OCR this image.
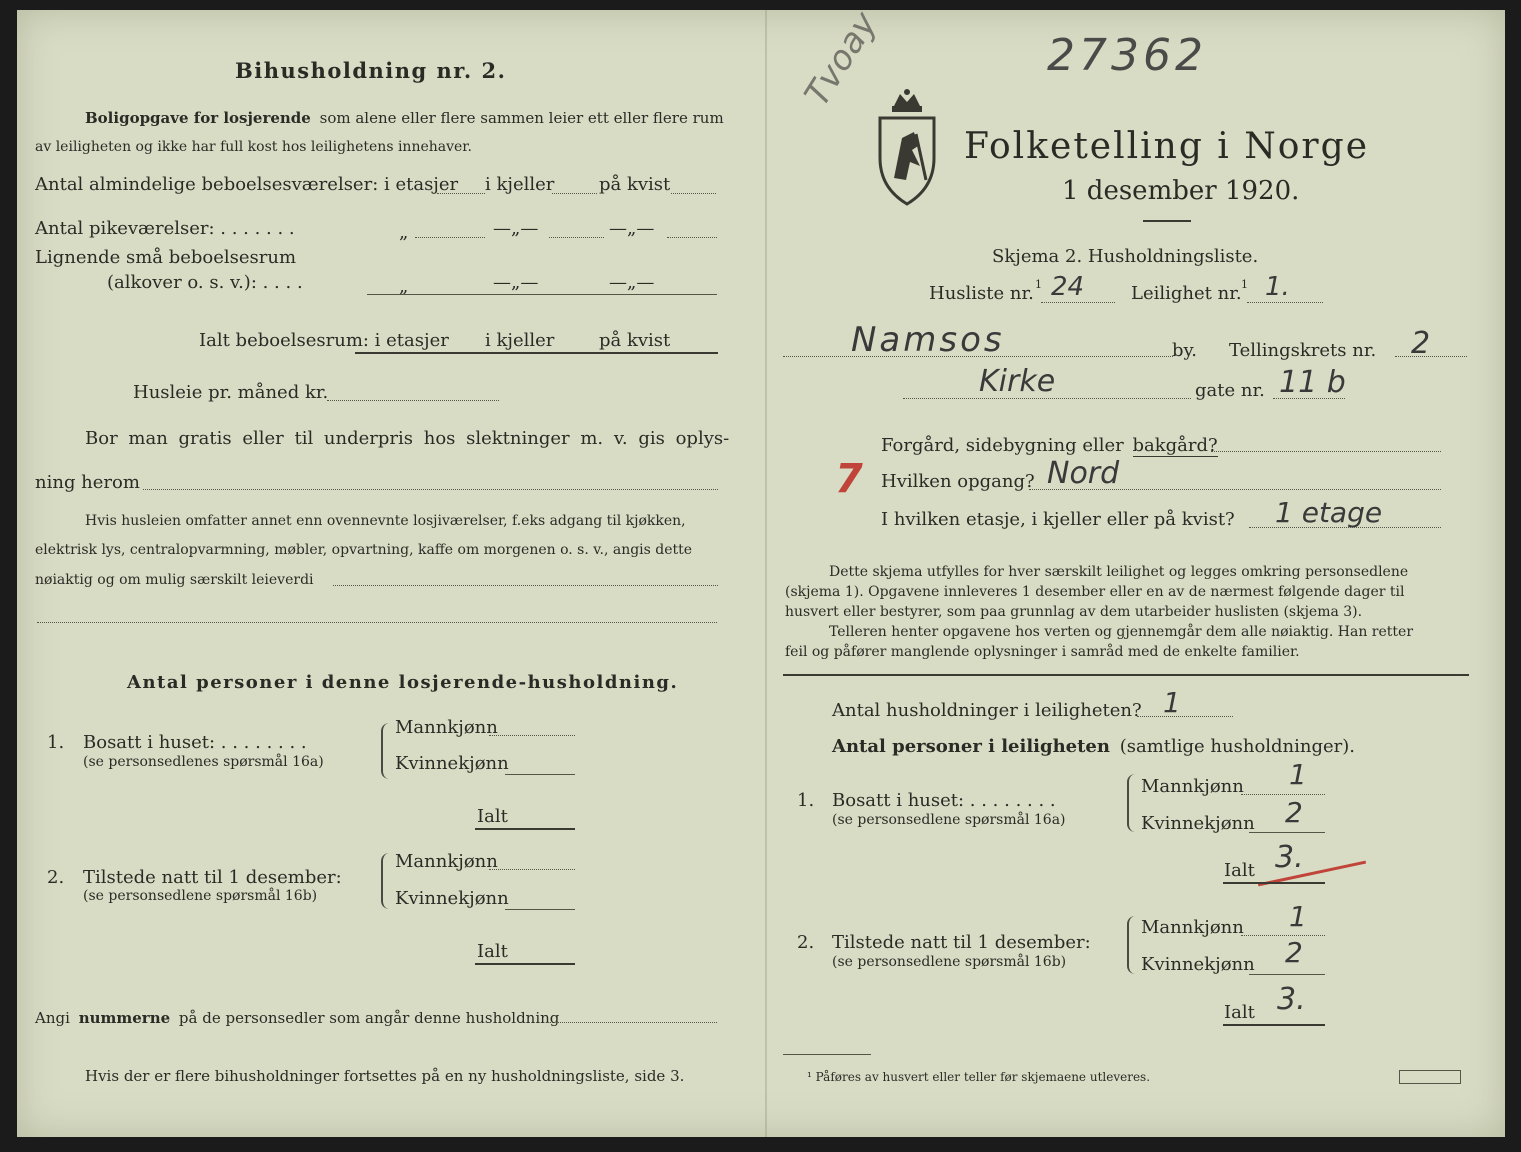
Bihusholdning nr. 2.
Boligopgave for losjerende som alene eller flere sammen leier ett eller flere rum
av leiligheten og ikke har full kost hos leilighetens innehaver.
Antal almindelige beboelsesværelser: i etasjer i kjeller på kvist
Antal pikeværelser: . . . . . . .	„	—„—	—„—
Lignende små beboelsesrum
(alkover o. s. v.): . . . .	„	—„—	—„—
Ialt beboelsesrum: i etasjer i kjeller på kvist
Husleie pr. måned kr.
Bor man gratis eller til underpris hos slektninger m. v. gis oplys-
ning herom
Hvis husleien omfatter annet enn ovennevnte losjiværelser, f.eks adgang til kjøkken,
elektrisk lys, centralopvarmning, møbler, opvartning, kaffe om morgenen o. s. v., angis dette
nøiaktig og om mulig særskilt leieverdi
Antal personer i denne losjerende-husholdning.
1. Bosatt i huset: . . . . . . . .
(se personsedlenes spørsmål 16a)
Mannkjønn
Kvinnekjønn
Ialt
2. Tilstede natt til 1 desember:
(se personsedlene spørsmål 16b)
Mannkjønn
Kvinnekjønn
Ialt
Angi nummerne på de personsedler som angår denne husholdning
Hvis der er flere bihusholdninger fortsettes på en ny husholdningsliste, side 3.
27362
Tvoay
Folketelling i Norge
1 desember 1920.
Skjema 2. Husholdningsliste.
Husliste nr. 1 24	Leilighet nr. 1 1.
Namsos	by. Tellingskrets nr. 2
Kirke	gate nr. 11 b
Forgård, sidebygning eller bakgård?
7 Hvilken opgang? Nord
I hvilken etasje, i kjeller eller på kvist? 1 etage
Dette skjema utfylles for hver særskilt leilighet og legges omkring personsedlene
(skjema 1). Opgavene innleveres 1 desember eller en av de nærmest følgende dager til
husvert eller bestyrer, som paa grunnlag av dem utarbeider huslisten (skjema 3).
Telleren henter opgavene hos verten og gjennemgår dem alle nøiaktig. Han retter
feil og påfører manglende oplysninger i samråd med de enkelte familier.
Antal husholdninger i leiligheten? 1
Antal personer i leiligheten (samtlige husholdninger).
1. Bosatt i huset: . . . . . . . .
(se personsedlene spørsmål 16a)
Mannkjønn 1
Kvinnekjønn 2
Ialt 3.
2. Tilstede natt til 1 desember:
(se personsedlene spørsmål 16b)
Mannkjønn 1
Kvinnekjønn 2
Ialt 3.
¹ Påføres av husvert eller teller før skjemaene utleveres.
